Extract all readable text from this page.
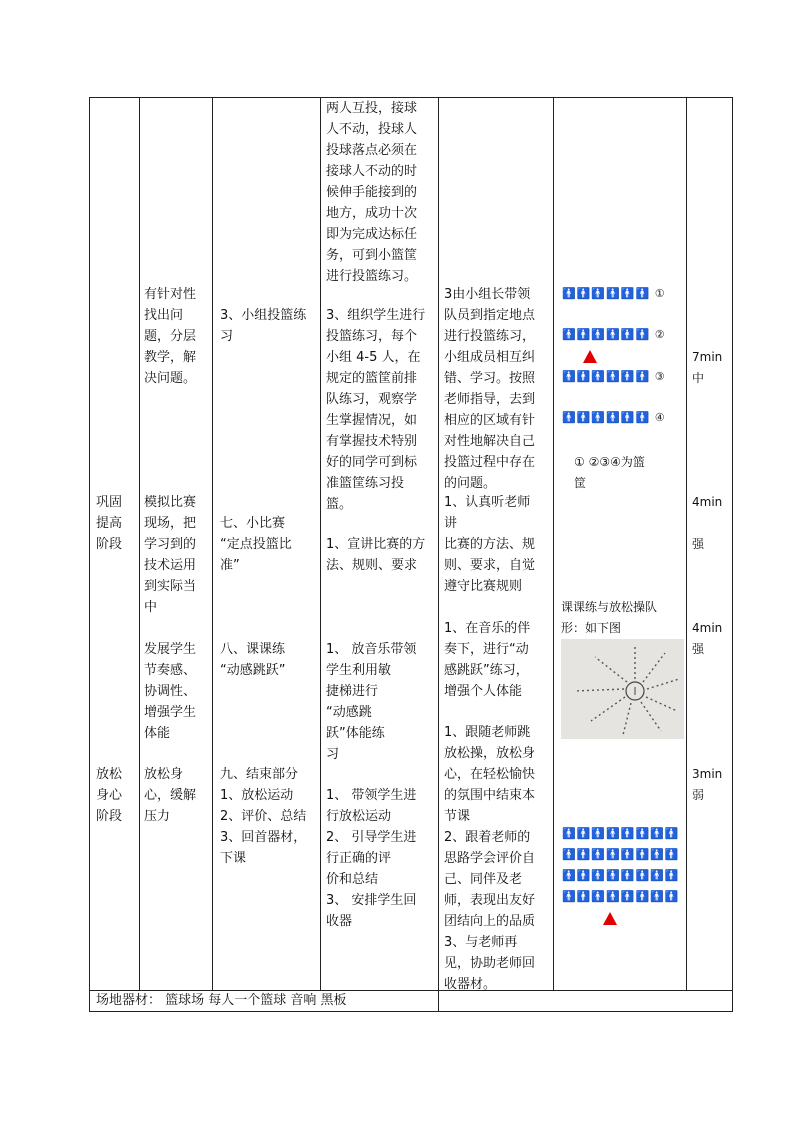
两人互投，接球
人不动，投球人
投球落点必须在
接球人不动的时
候伸手能接到的
地方，成功十次
即为完成达标任
务，可到小篮筐
进行投篮练习。
有针对性
找出问
题，分层
教学，解
决问题。
3、小组投篮练
习
3、组织学生进行
投篮练习，每个
小组 4-5 人，在
规定的篮筐前排
队练习，观察学
生掌握情况，如
有掌握技术特别
好的同学可到标
准篮筐练习投
篮。
3由小组长带领
队员到指定地点
进行投篮练习，
小组成员相互纠
错、学习。按照
老师指导，去到
相应的区域有针
对性地解决自己
投篮过程中存在
的问题。
🚹🚹🚹🚹🚹🚹 ①
🚹🚹🚹🚹🚹🚹 ②
🚹🚹🚹🚹🚹🚹 ③
🚹🚹🚹🚹🚹🚹 ④
① ②③④为篮
筐
7min
中
巩固
提高
阶段
模拟比赛
现场，把
学习到的
技术运用
到实际当
中
七、小比赛
“定点投篮比
准”
1、宣讲比赛的方
法、规则、要求
1、认真听老师
讲
比赛的方法、规
则、要求，自觉
遵守比赛规则
4min
强
课课练与放松操队
形：如下图
发展学生
节奏感、
协调性、
增强学生
体能
八、课课练
“动感跳跃”
1、 放音乐带领
学生利用敏
捷梯进行
“动感跳
跃”体能练
习
1、在音乐的伴
奏下，进行“动
感跳跃”练习，
增强个人体能
4min
强
放松
身心
阶段
放松身
心，缓解
压力
九、结束部分
1、放松运动
2、评价、总结
3、回首器材，
下课
1、 带领学生进
行放松运动
2、 引导学生进
行正确的评
价和总结
3、 安排学生回
收器
1、跟随老师跳
放松操，放松身
心，在轻松愉快
的氛围中结束本
节课
2、跟着老师的
思路学会评价自
己、同伴及老
师，表现出友好
团结向上的品质
3、与老师再
见，协助老师回
收器材。
3min
弱
🚹🚹🚹🚹🚹🚹🚹🚹
🚹🚹🚹🚹🚹🚹🚹🚹
🚹🚹🚹🚹🚹🚹🚹🚹
🚹🚹🚹🚹🚹🚹🚹🚹
场地器材： 篮球场 每人一个篮球 音响 黑板
